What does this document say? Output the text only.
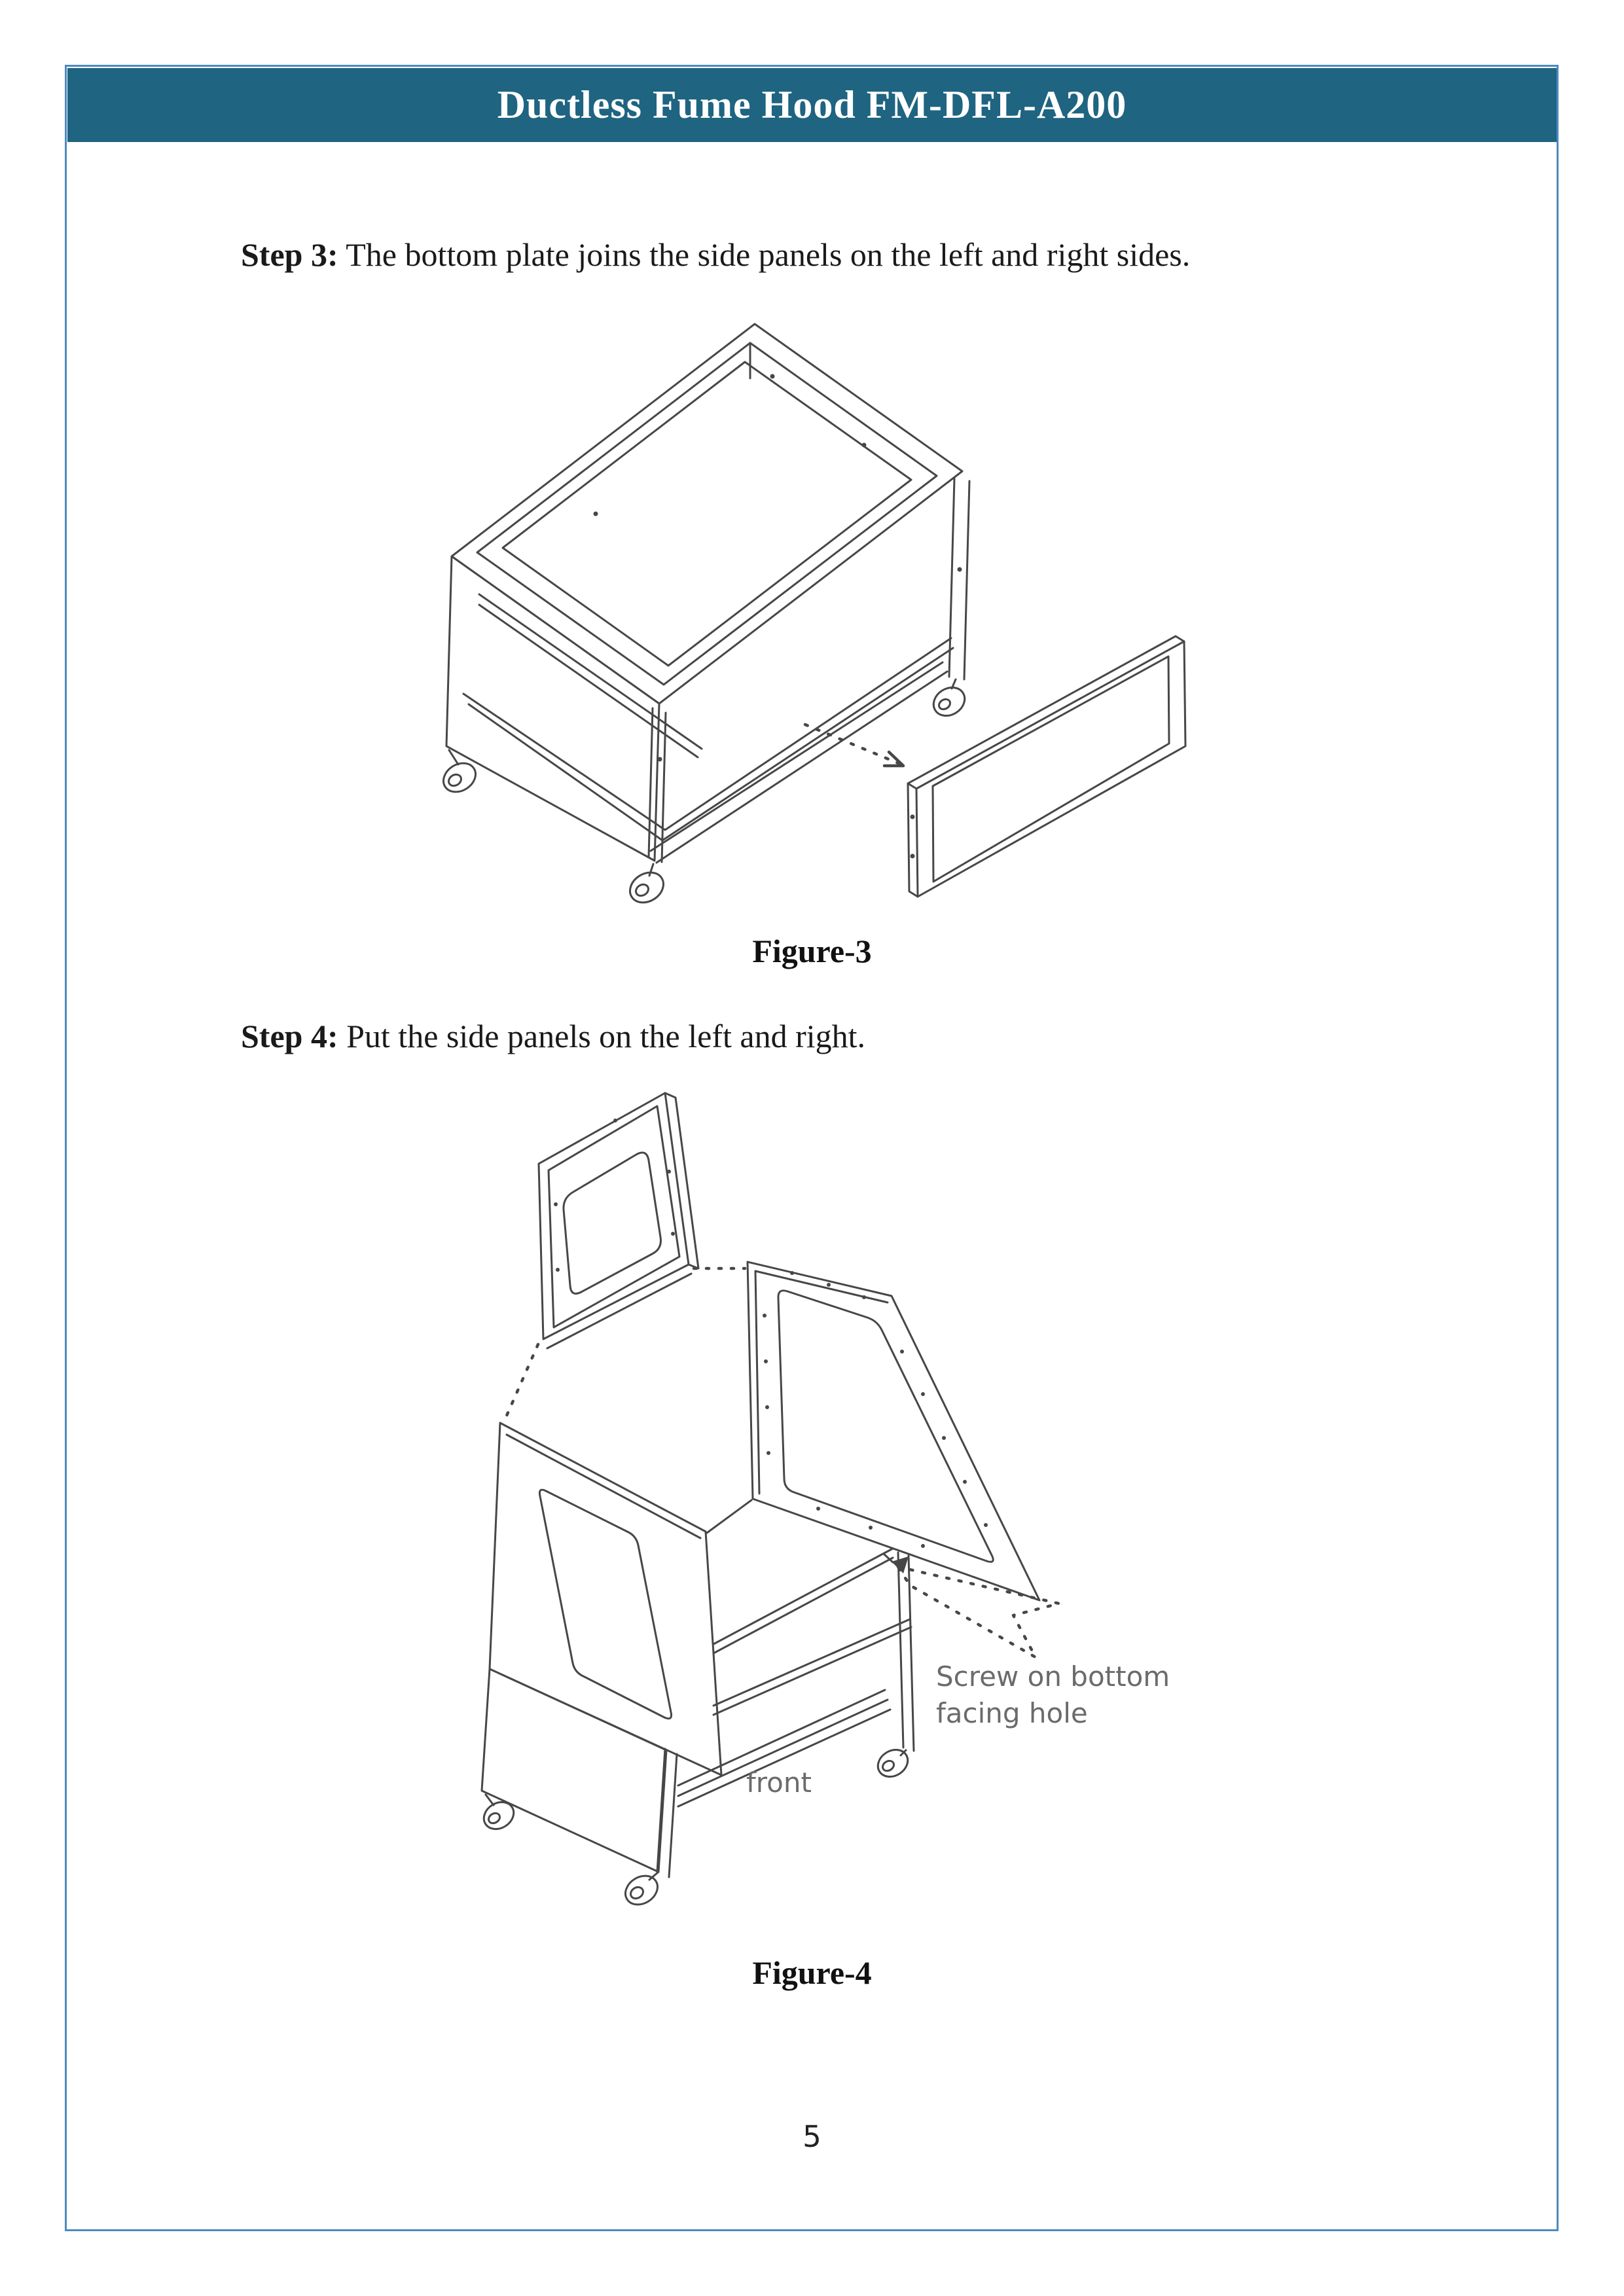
Ductless Fume Hood FM-DFL-A200
Step 3: The bottom plate joins the side panels on the left and right sides.
Figure-3
Step 4: Put the side panels on the left and right.
Screw on bottom
facing hole
front
Figure-4
5
